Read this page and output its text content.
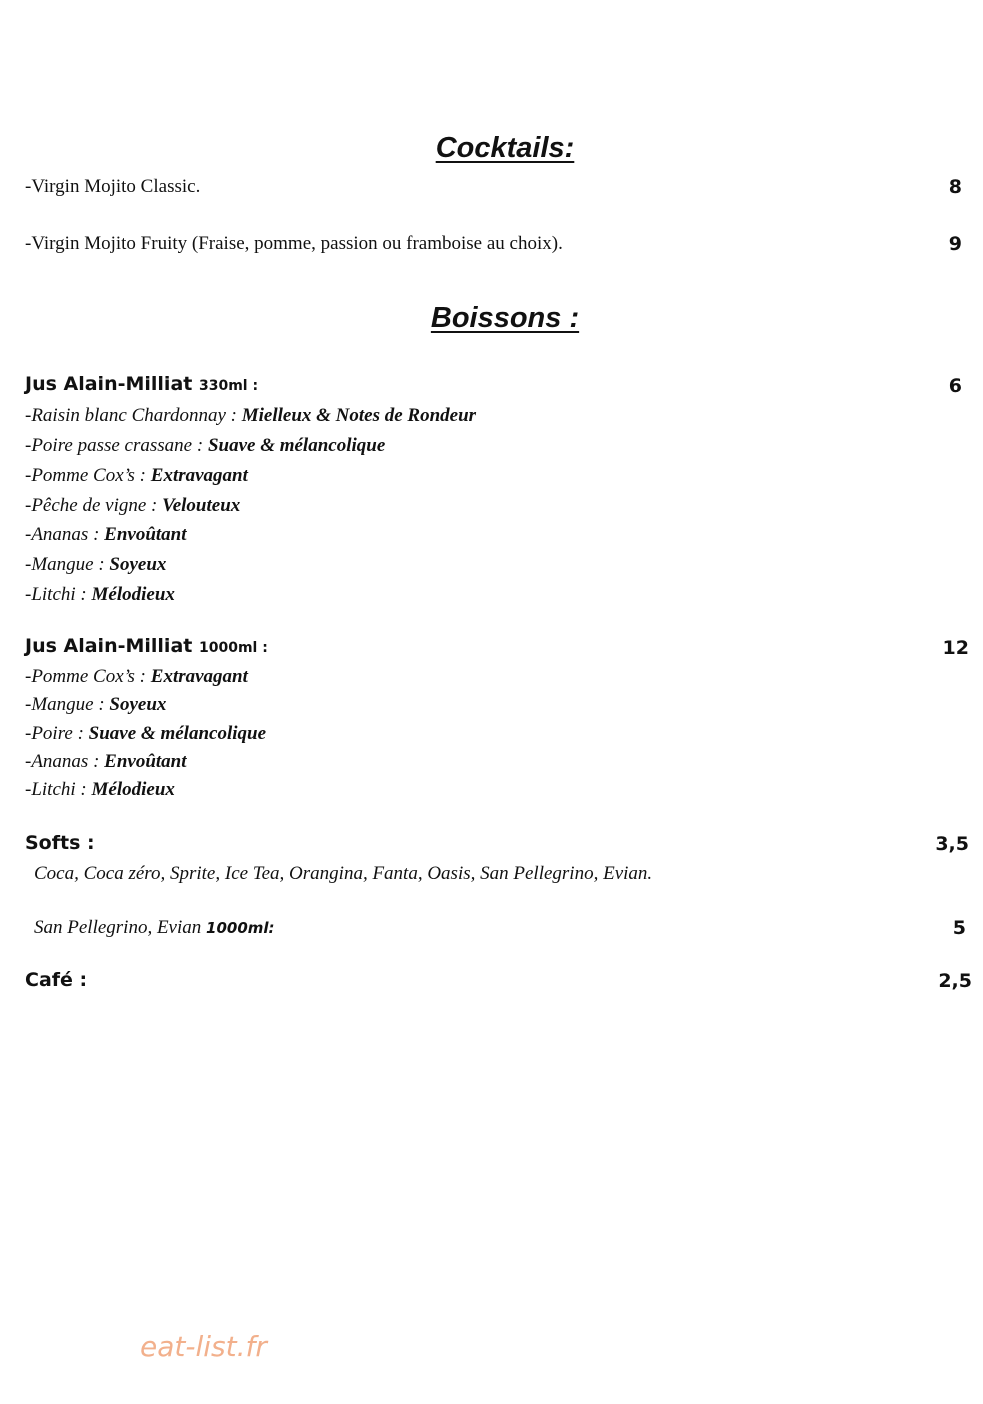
Cocktails:
-Virgin Mojito Classic.	8
-Virgin Mojito Fruity (Fraise, pomme, passion ou framboise au choix).	9
Boissons :
Jus Alain-Milliat 330ml :	6
-Raisin blanc Chardonnay : Mielleux & Notes de Rondeur
-Poire passe crassane : Suave & mélancolique
-Pomme Cox’s : Extravagant
-Pêche de vigne : Velouteux
-Ananas : Envoûtant
-Mangue : Soyeux
-Litchi : Mélodieux
Jus Alain-Milliat 1000ml :	12
-Pomme Cox’s : Extravagant
-Mangue : Soyeux
-Poire : Suave & mélancolique
-Ananas : Envoûtant
-Litchi : Mélodieux
Softs :	3,5
Coca, Coca zéro, Sprite, Ice Tea, Orangina, Fanta, Oasis, San Pellegrino, Evian.
San Pellegrino, Evian 1000ml:	5
Café :	2,5
eat-list.fr
